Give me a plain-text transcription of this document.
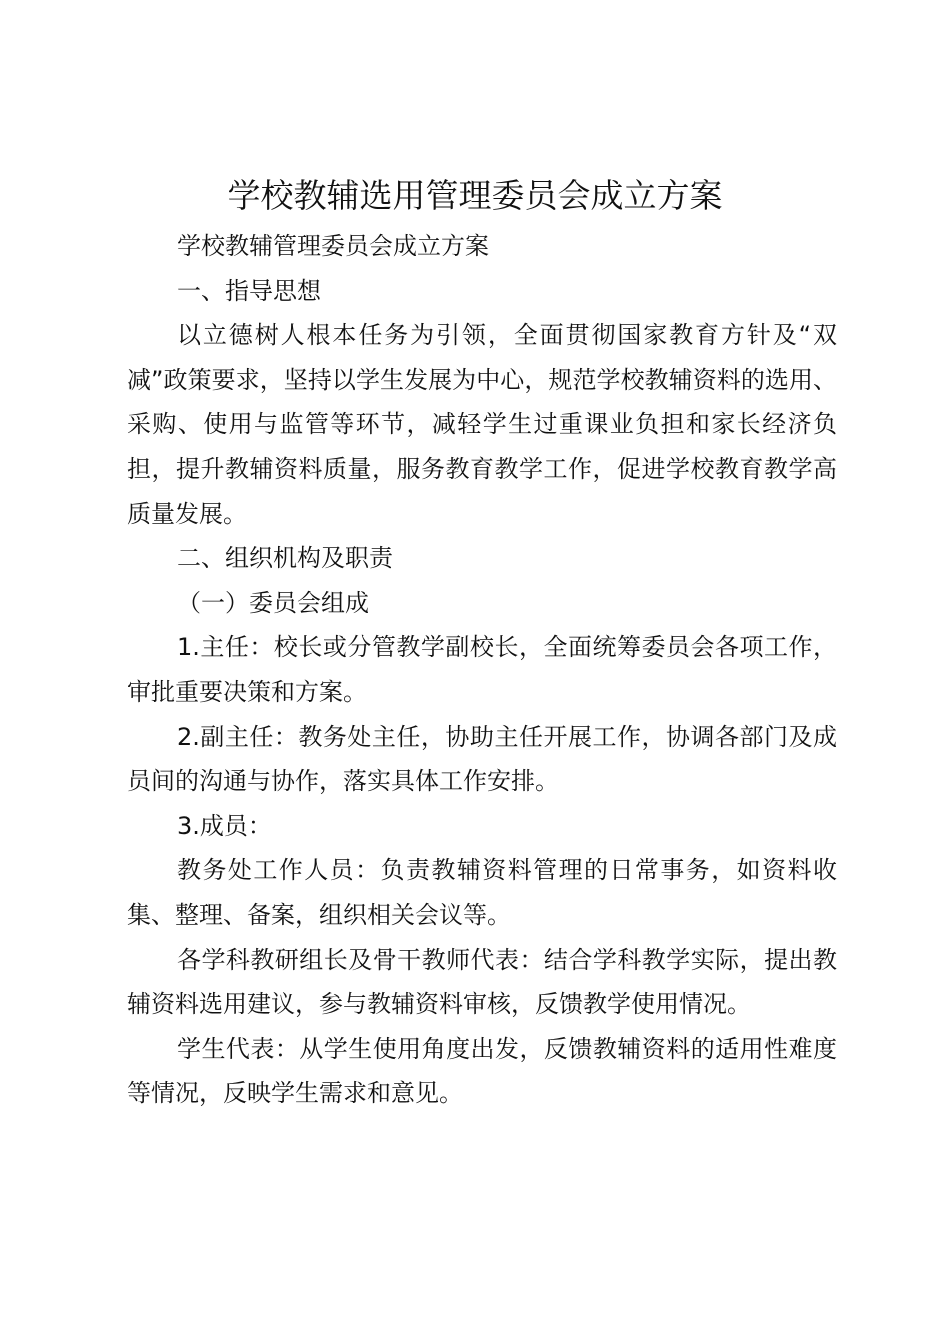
学校教辅选用管理委员会成立方案

学校教辅管理委员会成立方案

一、指导思想

以立德树人根本任务为引领，全面贯彻国家教育方针及“双减”政策要求，坚持以学生发展为中心，规范学校教辅资料的选用、采购、使用与监管等环节，减轻学生过重课业负担和家长经济负担，提升教辅资料质量，服务教育教学工作，促进学校教育教学高质量发展。

二、组织机构及职责

（一）委员会组成

1.主任：校长或分管教学副校长，全面统筹委员会各项工作，审批重要决策和方案。

2.副主任：教务处主任，协助主任开展工作，协调各部门及成员间的沟通与协作，落实具体工作安排。

3.成员：

教务处工作人员：负责教辅资料管理的日常事务，如资料收集、整理、备案，组织相关会议等。

各学科教研组长及骨干教师代表：结合学科教学实际，提出教辅资料选用建议，参与教辅资料审核，反馈教学使用情况。

学生代表：从学生使用角度出发，反馈教辅资料的适用性难度等情况，反映学生需求和意见。
